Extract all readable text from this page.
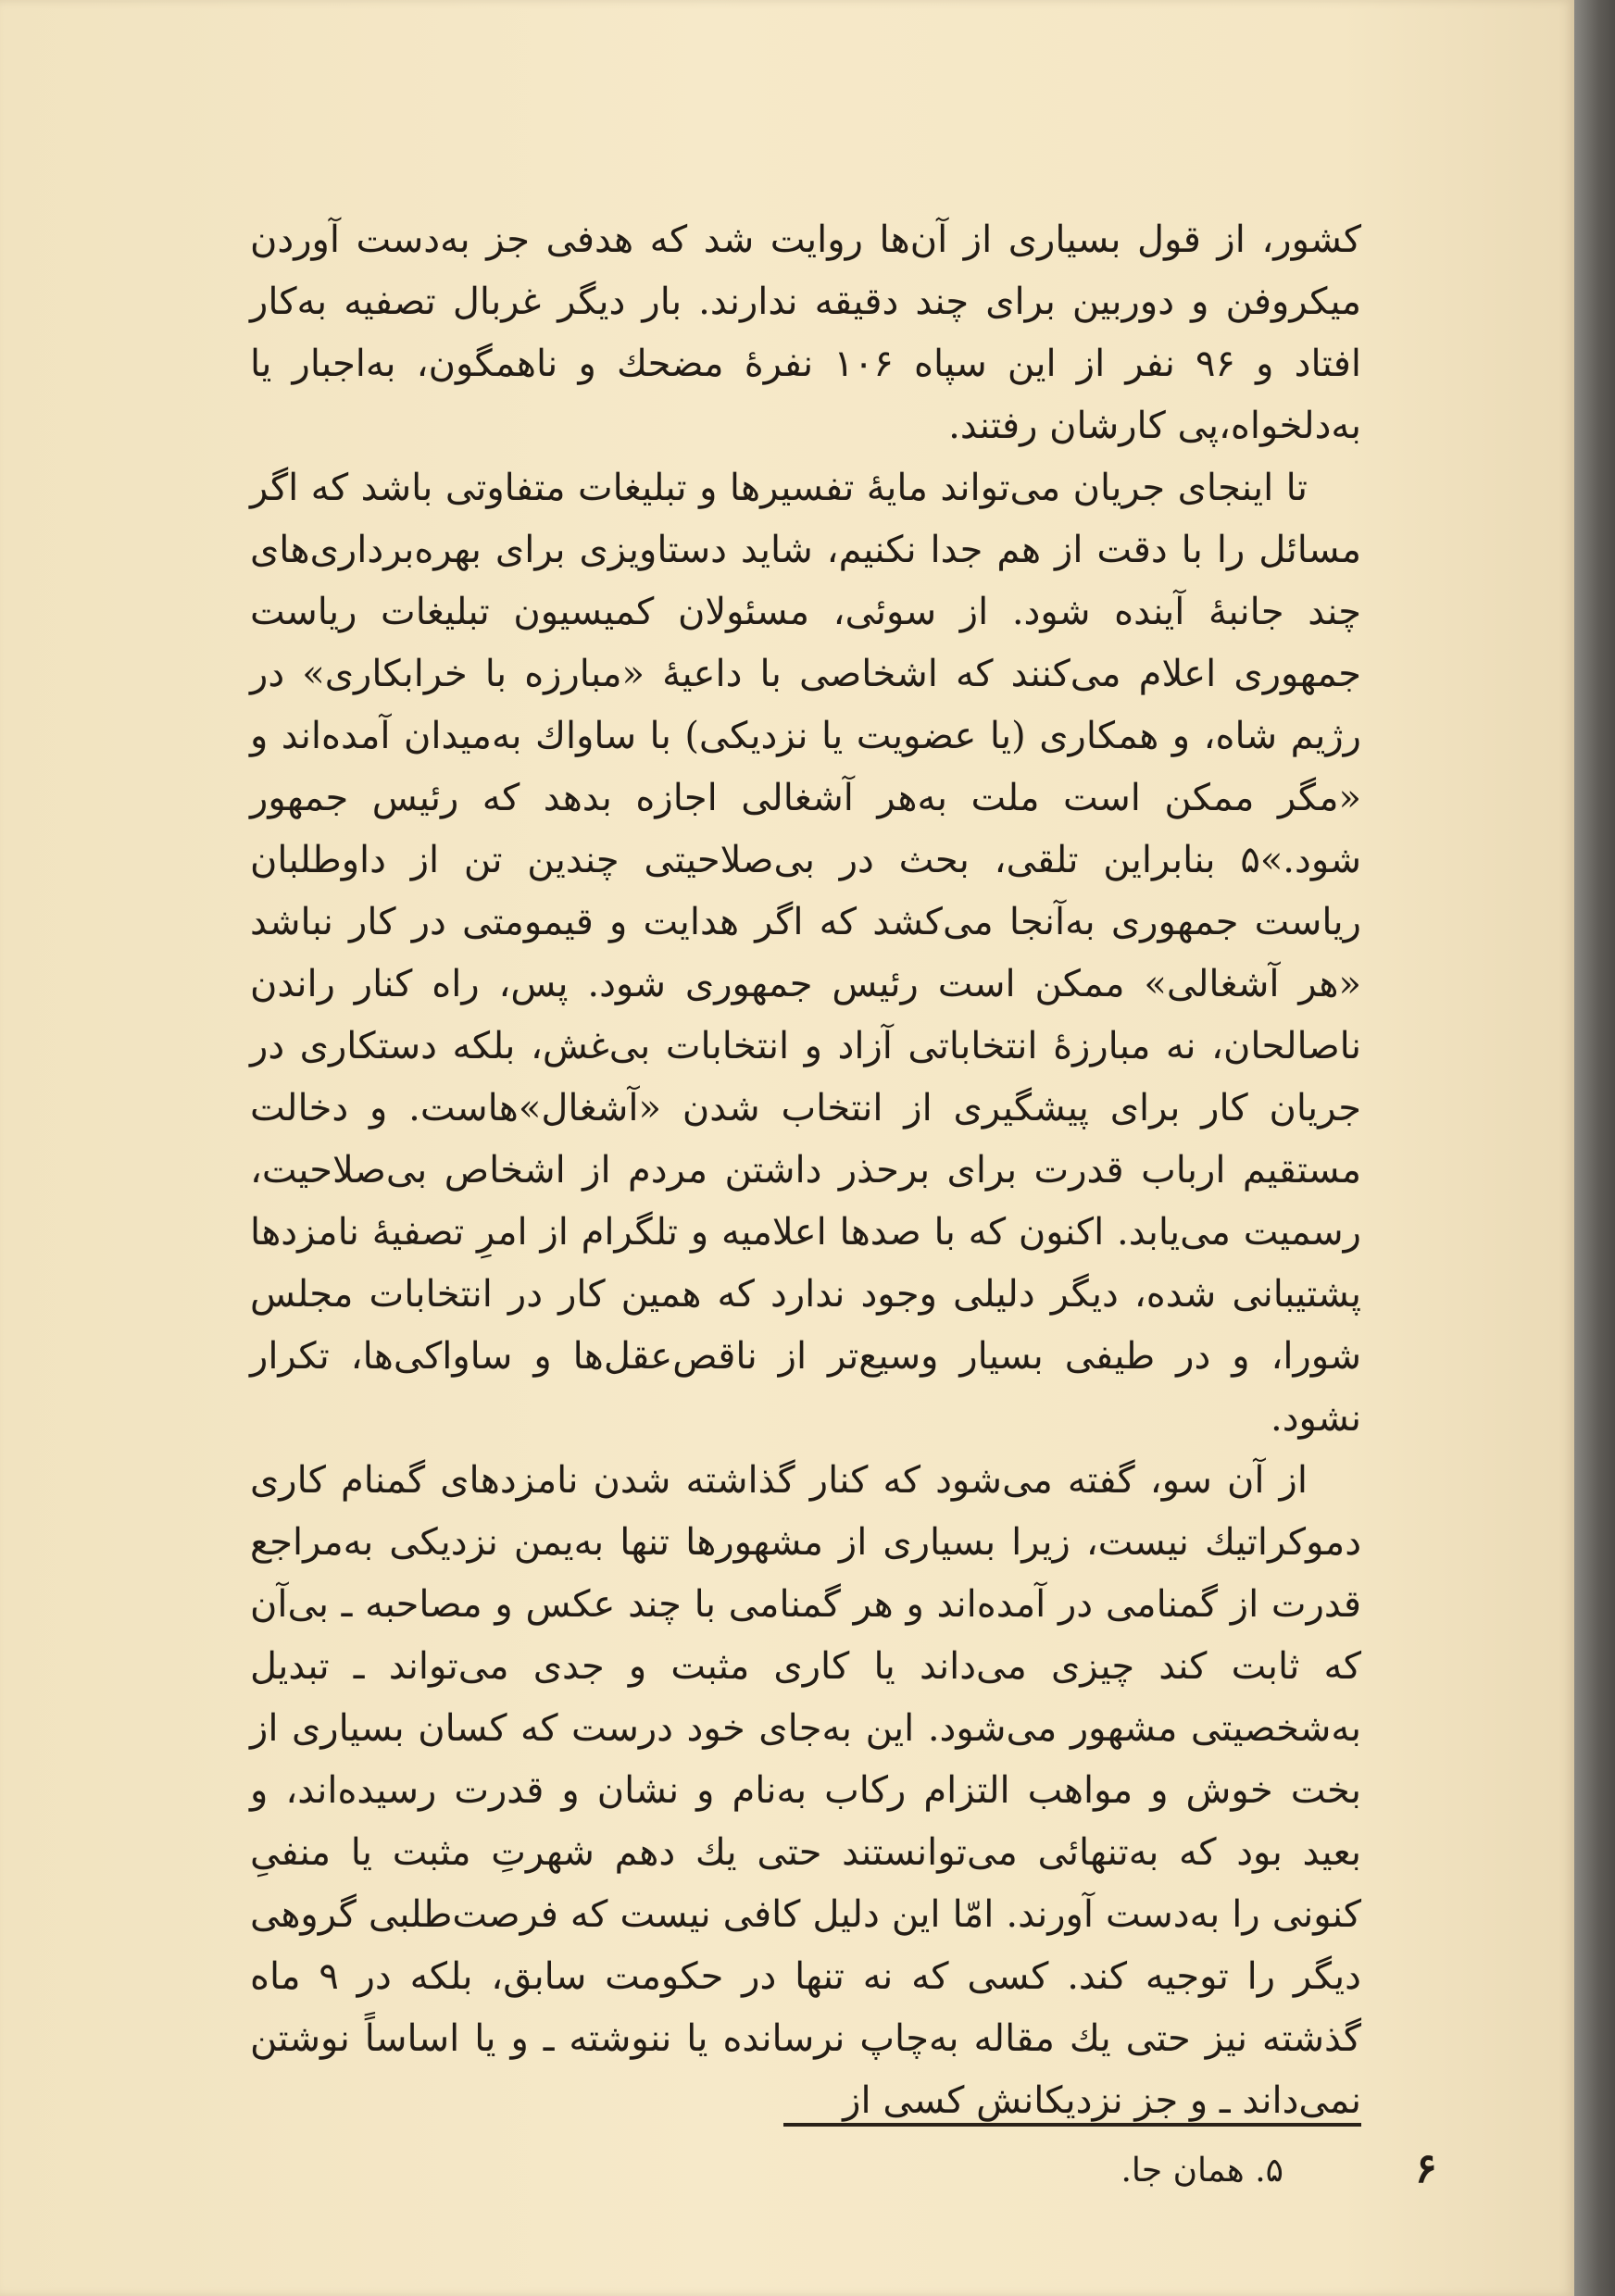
کشور، از قول بسیاری از آن‌ها روایت شد که هدفی جز به‌دست آوردن میکروفن و دوربین برای چند دقیقه ندارند. بار دیگر غربال تصفیه به‌کار افتاد و ۹۶ نفر از این سپاه ۱۰۶ نفرهٔ مضحك و ناهمگون، به‌اجبار یا به‌دلخواه،پی کارشان رفتند.

تا اینجای جریان می‌تواند مایهٔ تفسیرها و تبلیغات متفاوتی باشد که اگر مسائل را با دقت از هم جدا نکنیم، شاید دستاویزی برای بهره‌برداری‌های چند جانبهٔ آینده شود. از سوئی، مسئولان کمیسیون تبلیغات ریاست جمهوری اعلام می‌کنند که اشخاصی با داعیهٔ «مبارزه با خرابکاری» در رژیم شاه، و همکاری (یا عضویت یا نزدیکی) با ساواك به‌میدان آمده‌اند و «مگر ممکن است ملت به‌هر آشغالی اجازه بدهد که رئیس جمهور شود.»۵ بنابراین تلقی، بحث در بی‌صلاحیتی چندین تن از داوطلبان ریاست جمهوری به‌آنجا می‌کشد که اگر هدایت و قیمومتی در کار نباشد «هر آشغالی» ممکن است رئیس جمهوری شود. پس، راه کنار راندن ناصالحان، نه مبارزهٔ انتخاباتی آزاد و انتخابات بی‌غش، بلکه دستکاری در جریان کار برای پیشگیری از انتخاب شدن «آشغال»هاست. و دخالت مستقیم ارباب قدرت برای برحذر داشتن مردم از اشخاص بی‌صلاحیت، رسمیت می‌یابد. اکنون که با صدها اعلامیه و تلگرام از امرِ تصفیهٔ نامزدها پشتیبانی شده، دیگر دلیلی وجود ندارد که همین کار در انتخابات مجلس شورا، و در طیفی بسیار وسیع‌تر از ناقص‌عقل‌ها و ساواکی‌ها، تکرار نشود.

از آن سو، گفته می‌شود که کنار گذاشته شدن نامزدهای گمنام کاری دموکراتیك نیست، زیرا بسیاری از مشهورها تنها به‌یمن نزدیکی به‌مراجع قدرت از گمنامی در آمده‌اند و هر گمنامی با چند عکس و مصاحبه ـ بی‌آن که ثابت کند چیزی می‌داند یا کاری مثبت و جدی می‌تواند ـ تبدیل به‌شخصیتی مشهور می‌شود. این به‌جای خود درست که کسان بسیاری از بخت خوش و مواهب التزام رکاب به‌نام و نشان و قدرت رسیده‌اند، و بعید بود که به‌تنهائی می‌توانستند حتی یك دهم شهرتِ مثبت یا منفیِ کنونی را به‌دست آورند. امّا این دلیل کافی نیست که فرصت‌طلبی گروهی دیگر را توجیه کند. کسی که نه تنها در حکومت سابق، بلکه در ۹ ماه گذشته نیز حتی یك مقاله به‌چاپ نرسانده یا ننوشته ـ و یا اساساً نوشتن نمی‌داند ـ و جز نزدیکانش کسی از

۵. همان جا.	۶
